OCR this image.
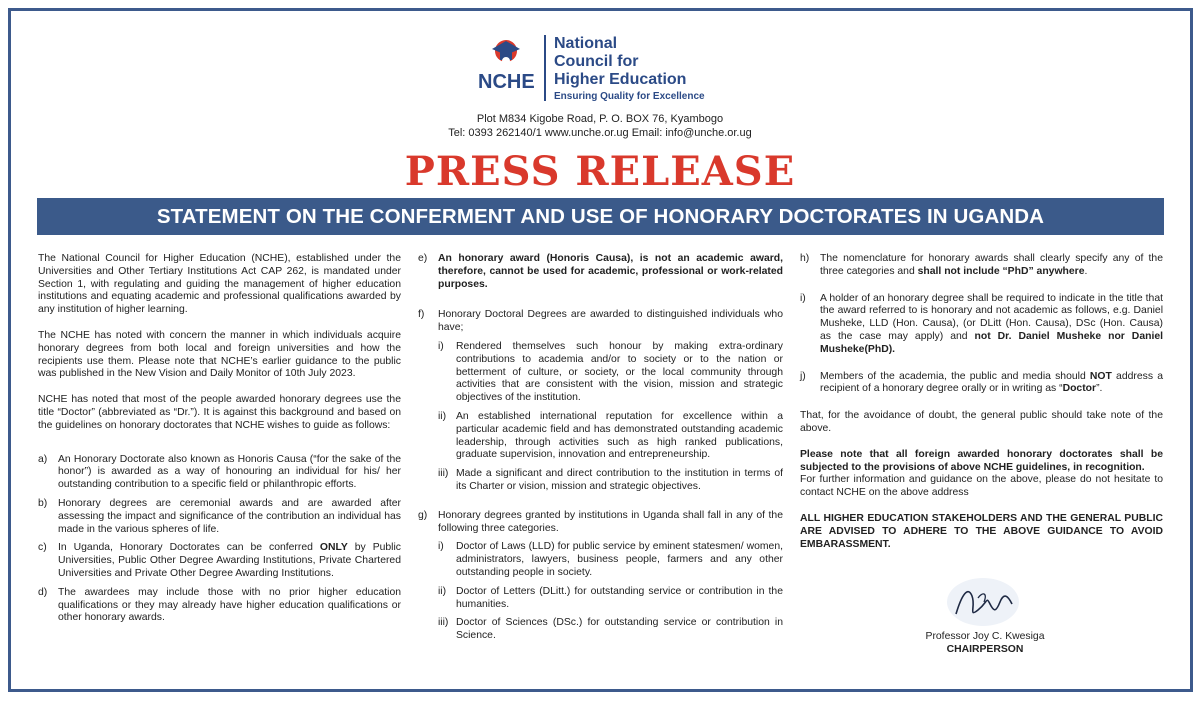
NCHE
National
Council for
Higher Education
Ensuring Quality for Excellence
Plot M834 Kigobe Road, P. O. BOX 76, Kyambogo
Tel: 0393 262140/1 www.unche.or.ug Email: info@unche.or.ug
PRESS RELEASE
STATEMENT ON THE CONFERMENT AND USE OF HONORARY DOCTORATES IN UGANDA

The National Council for Higher Education (NCHE), established under the Universities and Other Tertiary Institutions Act CAP 262, is mandated under Section 1, with regulating and guiding the management of higher education institutions and equating academic and professional qualifications awarded by any institution of higher learning.

The NCHE has noted with concern the manner in which individuals acquire honorary degrees from both local and foreign universities and how the recipients use them. Please note that NCHE’s earlier guidance to the public was published in the New Vision and Daily Monitor of 10th July 2023.

NCHE has noted that most of the people awarded honorary degrees use the title “Doctor” (abbreviated as “Dr.”). It is against this background and based on the guidelines on honorary doctorates that NCHE wishes to guide as follows:

a)	An Honorary Doctorate also known as Honoris Causa (“for the sake of the honor”) is awarded as a way of honouring an individual for his/ her outstanding contribution to a specific field or philanthropic efforts.
b)	Honorary degrees are ceremonial awards and are awarded after assessing the impact and significance of the contribution an individual has made in the various spheres of life.
c)	In Uganda, Honorary Doctorates can be conferred ONLY by Public Universities, Public Other Degree Awarding Institutions, Private Chartered Universities and Private Other Degree Awarding Institutions.
d)	The awardees may include those with no prior higher education qualifications or they may already have higher education qualifications or other honorary awards.
e)	An honorary award (Honoris Causa), is not an academic award, therefore, cannot be used for academic, professional or work-related purposes.
f)	Honorary Doctoral Degrees are awarded to distinguished individuals who have;
i)	Rendered themselves such honour by making extra-ordinary contributions to academia and/or to society or to the nation or betterment of culture, or society, or the local community through activities that are consistent with the vision, mission and strategic objectives of the institution.
ii) An established international reputation for excellence within a particular academic field and has demonstrated outstanding academic leadership, through activities such as high ranked publications, graduate supervision, innovation and entrepreneurship.
iii) Made a significant and direct contribution to the institution in terms of its Charter or vision, mission and strategic objectives.
g)	Honorary degrees granted by institutions in Uganda shall fall in any of the following three categories.
i)	Doctor of Laws (LLD) for public service by eminent statesmen/ women, administrators, lawyers, business people, farmers and any other outstanding people in society.
ii) Doctor of Letters (DLitt.) for outstanding service or contribution in the humanities.
iii) Doctor of Sciences (DSc.) for outstanding service or contribution in Science.
h)	The nomenclature for honorary awards shall clearly specify any of the three categories and shall not include “PhD” anywhere.
i)	A holder of an honorary degree shall be required to indicate in the title that the award referred to is honorary and not academic as follows, e.g. Daniel Musheke, LLD (Hon. Causa), (or DLitt (Hon. Causa), DSc (Hon. Causa) as the case may apply) and not Dr. Daniel Musheke nor Daniel Musheke(PhD).
j)	Members of the academia, the public and media should NOT address a recipient of a honorary degree orally or in writing as “Doctor”.

That, for the avoidance of doubt, the general public should take note of the above.

Please note that all foreign awarded honorary doctorates shall be subjected to the provisions of above NCHE guidelines, in recognition.

For further information and guidance on the above, please do not hesitate to contact NCHE on the above address

ALL HIGHER EDUCATION STAKEHOLDERS AND THE GENERAL PUBLIC ARE ADVISED TO ADHERE TO THE ABOVE GUIDANCE TO AVOID EMBARASSMENT.

Professor Joy C. Kwesiga
CHAIRPERSON
